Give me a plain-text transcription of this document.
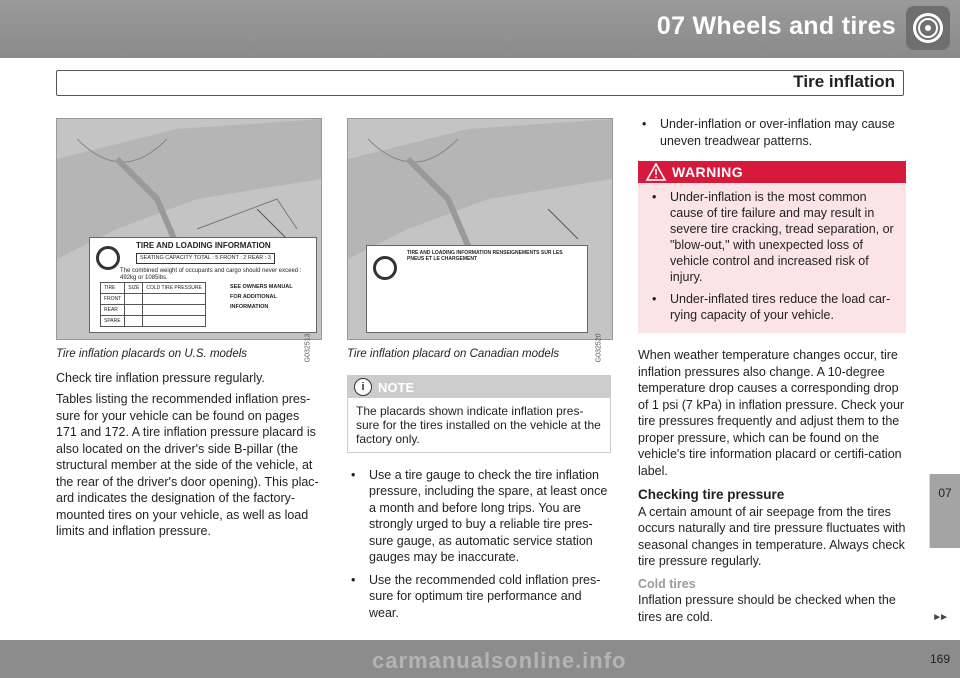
07 Wheels and tires
Tire inflation
TIRE AND LOADING INFORMATION
SEATING CAPACITY TOTAL : 5 FRONT : 2 REAR : 3
The combined weight of occupants and cargo should never exceed : 492kg or 1085lbs.
TIRE	SIZE	COLD TIRE PRESSURE
FRONT		
REAR		
SPARE		
SEE OWNERS MANUAL FOR ADDITIONAL INFORMATION
G032513
Tire inflation placards on U.S. models

Check tire inflation pressure regularly.

Tables listing the recommended inflation pres-sure for your vehicle can be found on pages 171 and 172. A tire inflation pressure placard is also located on the driver's side B-pillar (the structural member at the side of the vehicle, at the rear of the driver's door opening). This plac-ard indicates the designation of the factory-mounted tires on your vehicle, as well as load limits and inflation pressure.

TIRE AND LOADING INFORMATION RENSEIGNEMENTS SUR LES PNEUS ET LE CHARGEMENT
G032520
Tire inflation placard on Canadian models
i	NOTE
The placards shown indicate inflation pres-sure for the tires installed on the vehicle at the factory only.
• Use a tire gauge to check the tire inflation pressure, including the spare, at least once a month and before long trips. You are strongly urged to buy a reliable tire pres-sure gauge, as automatic service station gauges may be inaccurate.
• Use the recommended cold inflation pres-sure for optimum tire performance and wear.
• Under-inflation or over-inflation may cause uneven treadwear patterns.
WARNING
• Under-inflation is the most common cause of tire failure and may result in severe tire cracking, tread separation, or "blow-out," with unexpected loss of vehicle control and increased risk of injury.
• Under-inflated tires reduce the load car-rying capacity of your vehicle.

When weather temperature changes occur, tire inflation pressures also change. A 10-degree temperature drop causes a corresponding drop of 1 psi (7 kPa) in inflation pressure. Check your tire pressures frequently and adjust them to the proper pressure, which can be found on the vehicle's tire information placard or certifi-cation label.

Checking tire pressure

A certain amount of air seepage from the tires occurs naturally and tire pressure fluctuates with seasonal changes in temperature. Always check tire pressure regularly.

Cold tires

Inflation pressure should be checked when the tires are cold.

07
►►
169
carmanualsonline.info
